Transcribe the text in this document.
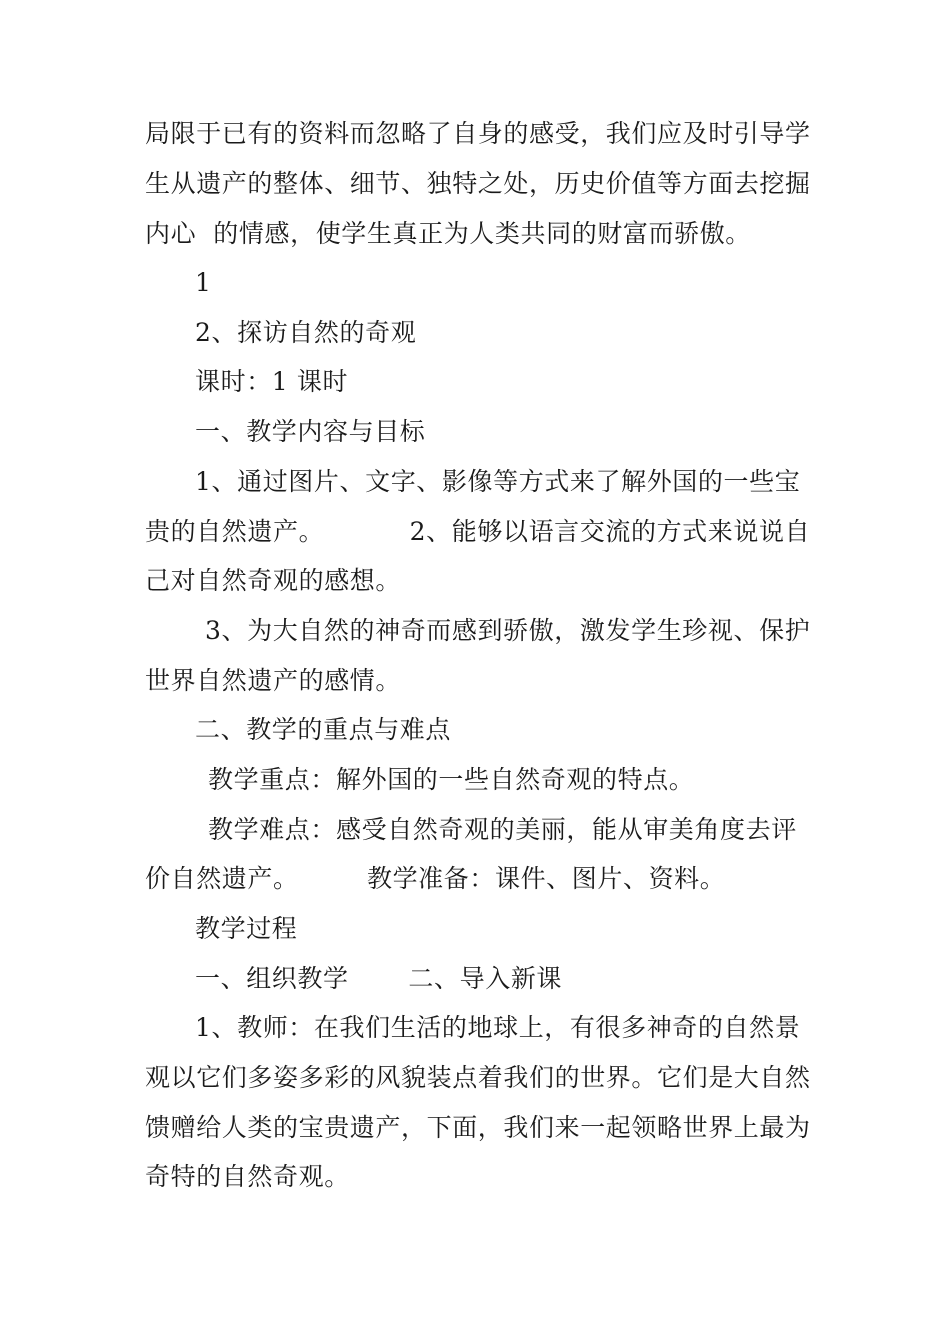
局限于已有的资料而忽略了自身的感受，我们应及时引导学
生从遗产的整体、细节、独特之处，历史价值等方面去挖掘
内心  的情感，使学生真正为人类共同的财富而骄傲。
1
2、探访自然的奇观
课时：1 课时
一、教学内容与目标
1、通过图片、文字、影像等方式来了解外国的一些宝
贵的自然遗产。          2、能够以语言交流的方式来说说自
己对自然奇观的感想。
3、为大自然的神奇而感到骄傲，激发学生珍视、保护
世界自然遗产的感情。
二、教学的重点与难点
教学重点：解外国的一些自然奇观的特点。
教学难点：感受自然奇观的美丽，能从审美角度去评
价自然遗产。        教学准备：课件、图片、资料。
教学过程
一、组织教学       二、导入新课
1、教师：在我们生活的地球上，有很多神奇的自然景
观以它们多姿多彩的风貌装点着我们的世界。它们是大自然
馈赠给人类的宝贵遗产，下面，我们来一起领略世界上最为
奇特的自然奇观。
